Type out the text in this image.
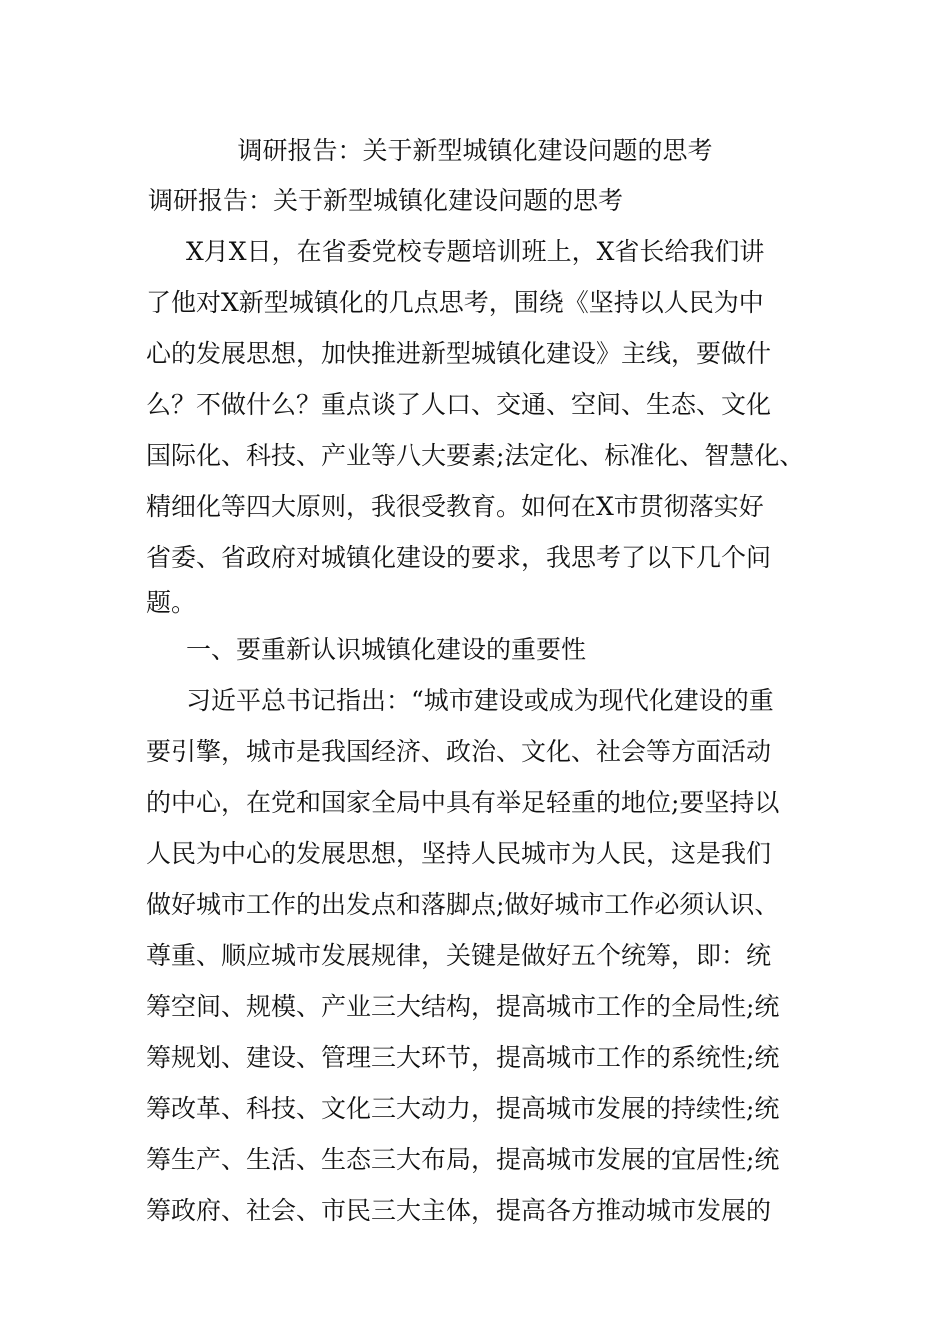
调研报告：关于新型城镇化建设问题的思考
调研报告：关于新型城镇化建设问题的思考
X月X日，在省委党校专题培训班上，X省长给我们讲
了他对X新型城镇化的几点思考，围绕《坚持以人民为中
心的发展思想，加快推进新型城镇化建设》主线，要做什
么？不做什么？重点谈了人口、交通、空间、生态、文化
国际化、科技、产业等八大要素;法定化、标准化、智慧化、
精细化等四大原则，我很受教育。如何在X市贯彻落实好
省委、省政府对城镇化建设的要求，我思考了以下几个问
题。
一、要重新认识城镇化建设的重要性
习近平总书记指出：“城市建设或成为现代化建设的重
要引擎，城市是我国经济、政治、文化、社会等方面活动
的中心，在党和国家全局中具有举足轻重的地位;要坚持以
人民为中心的发展思想，坚持人民城市为人民，这是我们
做好城市工作的出发点和落脚点;做好城市工作必须认识、
尊重、顺应城市发展规律，关键是做好五个统筹，即：统
筹空间、规模、产业三大结构，提高城市工作的全局性;统
筹规划、建设、管理三大环节，提高城市工作的系统性;统
筹改革、科技、文化三大动力，提高城市发展的持续性;统
筹生产、生活、生态三大布局，提高城市发展的宜居性;统
筹政府、社会、市民三大主体，提高各方推动城市发展的
